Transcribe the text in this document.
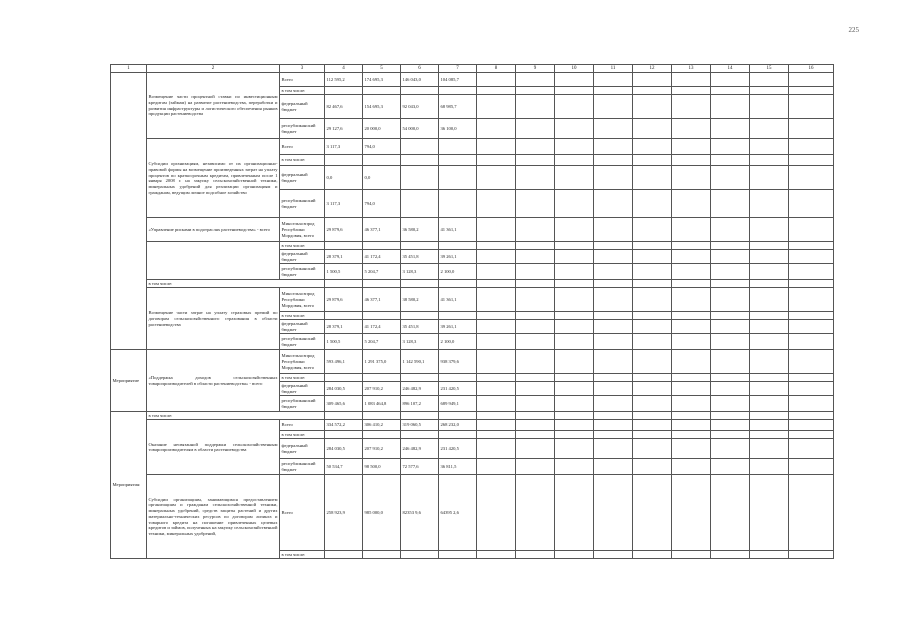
225
1	2	3	4	5	6	7	8	9	10	11	12	13	14	15	16
	Возмещение части процентной ставки по инвестиционным кредитам (займам) на развитие растениеводства, переработки и развития инфраструктуры и логистического обеспечения рынков продукции растениеводства	Всего	112 595,2	174 695,3	146 043,0	104 085,7									
		в том числе:													
		федеральный бюджет	82 467,6	154 695,3	92 043,0	68 985,7									
		республиканский бюджет	29 127,6	20 000,0	54 000,0	36 100,0									
	Субсидии организациям, независимо от их организационно-правовой формы на возмещение произведенных затрат на уплату процентов по краткосрочным кредитам, привлеченным после 1 января 2008 г. на закупку сельскохозяйственной техники, минеральных удобрений для реализации организациям и гражданам, ведущим личное подсобное хозяйство	Всего	3 117,3	794,0											
		в том числе:													
		федеральный бюджет	0,0	0,0											
		республиканский бюджет	3 117,3	794,0											
	«Управление рисками в подотраслях растениеводства» - всего	Минсельхозпрод Республики Мордовия, всего	29 879,6	46 377,1	36 580,2	41 361,1									
		в том числе:													
		федеральный бюджет	28 379,1	41 172,4	35 451,8	39 261,1									
		республиканский бюджет	1 500,5	5 204,7	3 128,3	2 100,0									
	в том числе:														
	Возмещение части затрат на уплату страховых премий по договорам сельскохозяйственного страхования в области растениеводства	Минсельхозпрод Республики Мордовия, всего	29 879,6	46 377,1	38 580,2	41 361,1									
		в том числе:													
		федеральный бюджет	28 379,1	41 172,4	35 451,8	39 261,1									
		республиканский бюджет	1 500,5	5 204,7	3 128,3	2 100,0									
Мероприятие	«Поддержка доходов сельскохозяйственных товаропроизводителей в области растениеводства» - всего	Минсельхозпрод Республики Мордовия, всего	593 496,1	1 291 375,0	1 142 590,1	938 379,6									
		в том числе:													
		федеральный бюджет	284 030,5	207 910,2	246 482,9	231 420,5									
		республиканский бюджет	309 465,6	1 083 464,8	896 107,2	689 949,1									
Мероприятия:	в том числе:														
	Оказание несвязанной поддержки сельскохозяйственным товаропроизводителям в области растениеводства	Всего	334 572,2	306 410,2	319 060,5	268 232,0									
		в том числе:													
		федеральный бюджет	284 030,5	207 910,2	246 482,9	231 420,5									
		республиканский бюджет	50 534,7	98 500,0	72 577,6	36 811,5									
	Субсидии организациям, занимающимся предоставлением организациям и гражданам сельскохозяйственной техники, минеральных удобрений, средств защиты растений и других материально-технических ресурсов по договорам лизинга и товарного кредита на погашение привлеченных целевых кредитов и займов, полученных на закупку сельскохозяйственной техники, минеральных удобрений,	Всего	258 923,9	985 000,0	82353 9,6	64395 2,6									
		в том числе:													
